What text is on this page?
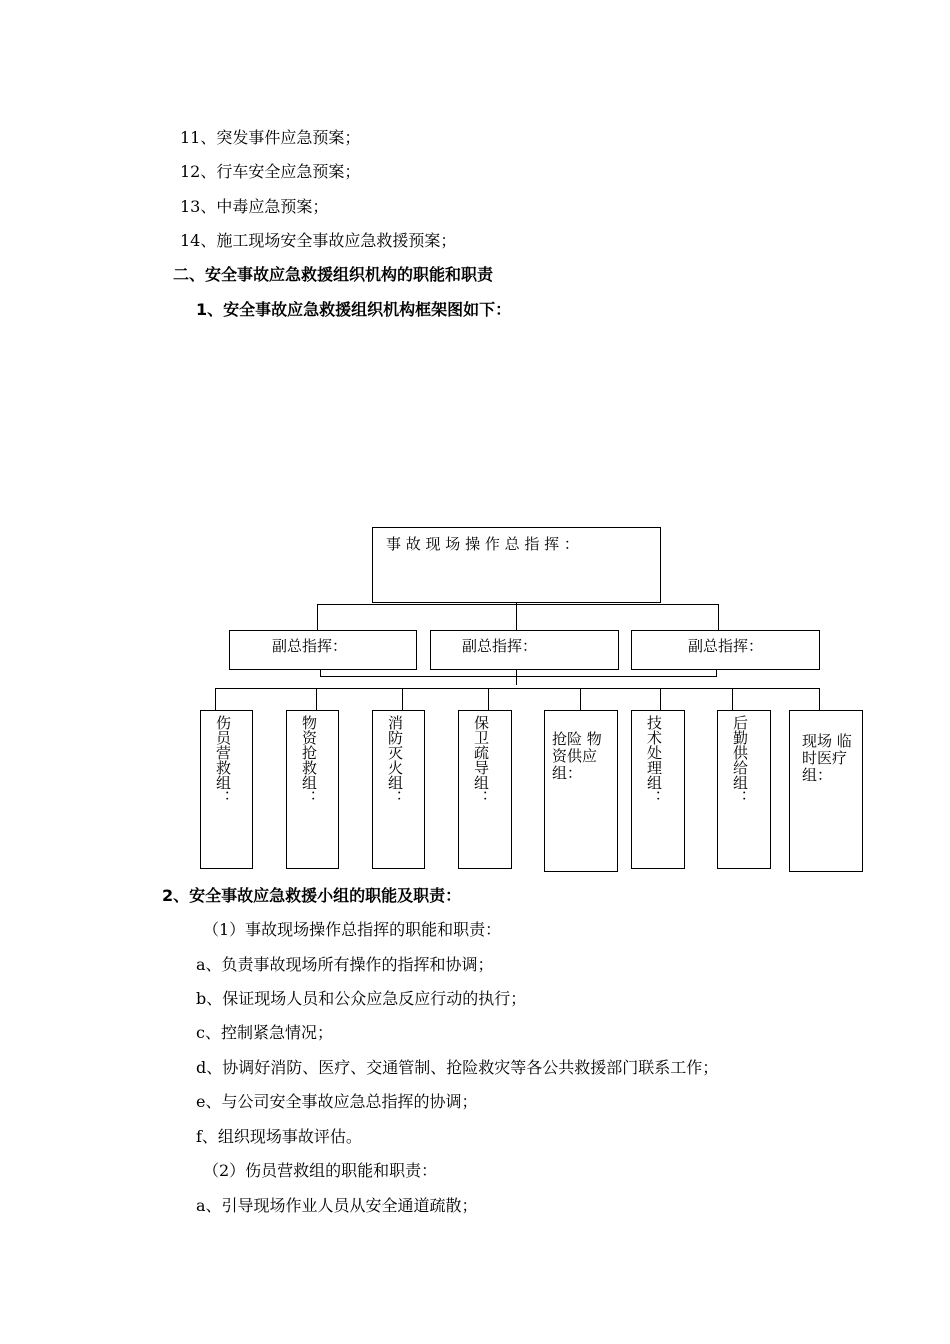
11、突发事件应急预案；
12、行车安全应急预案；
13、中毒应急预案；
14、施工现场安全事故应急救援预案；
二、安全事故应急救援组织机构的职能和职责
1、安全事故应急救援组织机构框架图如下：
事 故 现 场 操 作 总 指 挥 ：
副总指挥：	副总指挥：	副总指挥：
伤员营救组：	物资抢救组：	消防灭火组：	保卫疏导组：	抢险 物资供应组：	技术处理组：	后勤供给组：	现场 临时医疗组：
2、安全事故应急救援小组的职能及职责：
（1）事故现场操作总指挥的职能和职责：
a、负责事故现场所有操作的指挥和协调；
b、保证现场人员和公众应急反应行动的执行；
c、控制紧急情况；
d、协调好消防、医疗、交通管制、抢险救灾等各公共救援部门联系工作；
e、与公司安全事故应急总指挥的协调；
f、组织现场事故评估。
（2）伤员营救组的职能和职责：
a、引导现场作业人员从安全通道疏散；
